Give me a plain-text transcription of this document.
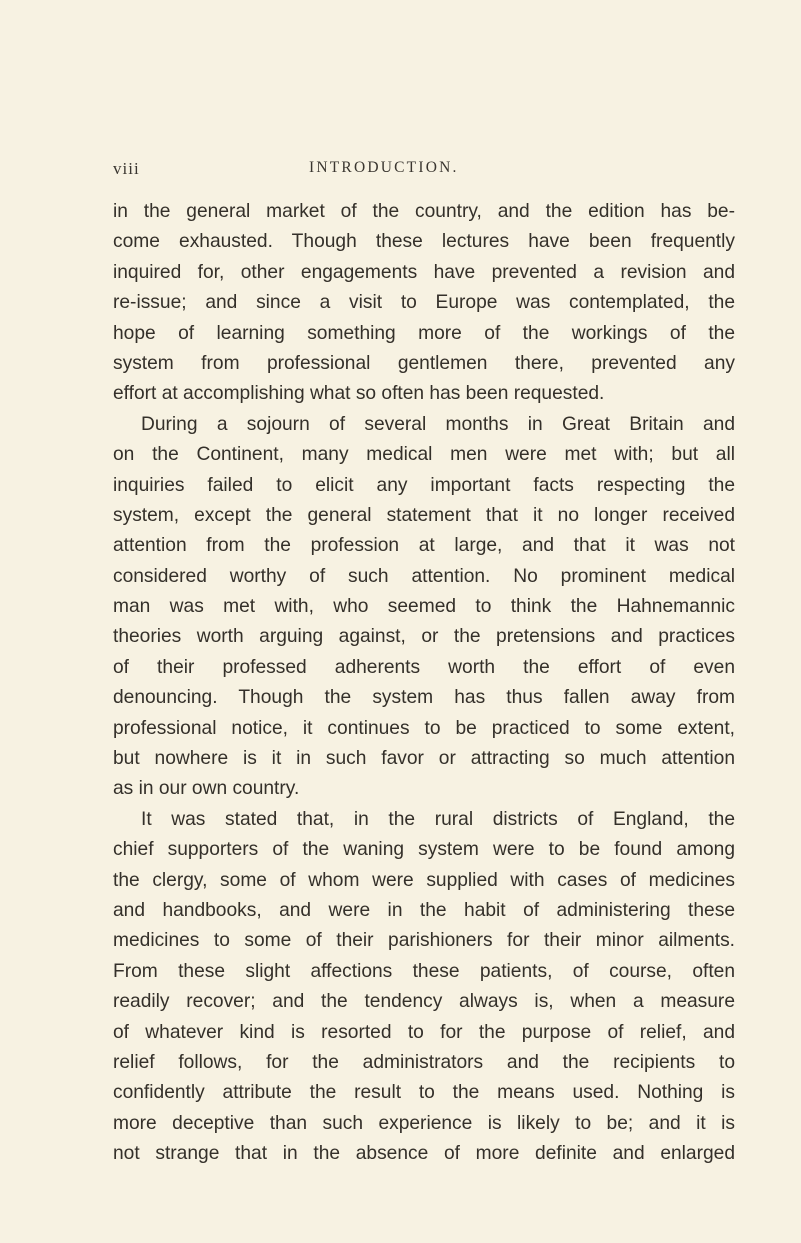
viii	INTRODUCTION.
in the general market of the country, and the edition has be-
come exhausted. Though these lectures have been frequently
inquired for, other engagements have prevented a revision and
re-issue; and since a visit to Europe was contemplated, the
hope of learning something more of the workings of the
system from professional gentlemen there, prevented any
effort at accomplishing what so often has been requested.
During a sojourn of several months in Great Britain and
on the Continent, many medical men were met with; but all
inquiries failed to elicit any important facts respecting the
system, except the general statement that it no longer received
attention from the profession at large, and that it was not
considered worthy of such attention. No prominent medical
man was met with, who seemed to think the Hahnemannic
theories worth arguing against, or the pretensions and practices
of their professed adherents worth the effort of even
denouncing. Though the system has thus fallen away from
professional notice, it continues to be practiced to some extent,
but nowhere is it in such favor or attracting so much attention
as in our own country.
It was stated that, in the rural districts of England, the
chief supporters of the waning system were to be found among
the clergy, some of whom were supplied with cases of medicines
and handbooks, and were in the habit of administering these
medicines to some of their parishioners for their minor ailments.
From these slight affections these patients, of course, often
readily recover; and the tendency always is, when a measure
of whatever kind is resorted to for the purpose of relief, and
relief follows, for the administrators and the recipients to
confidently attribute the result to the means used. Nothing is
more deceptive than such experience is likely to be; and it is
not strange that in the absence of more definite and enlarged
